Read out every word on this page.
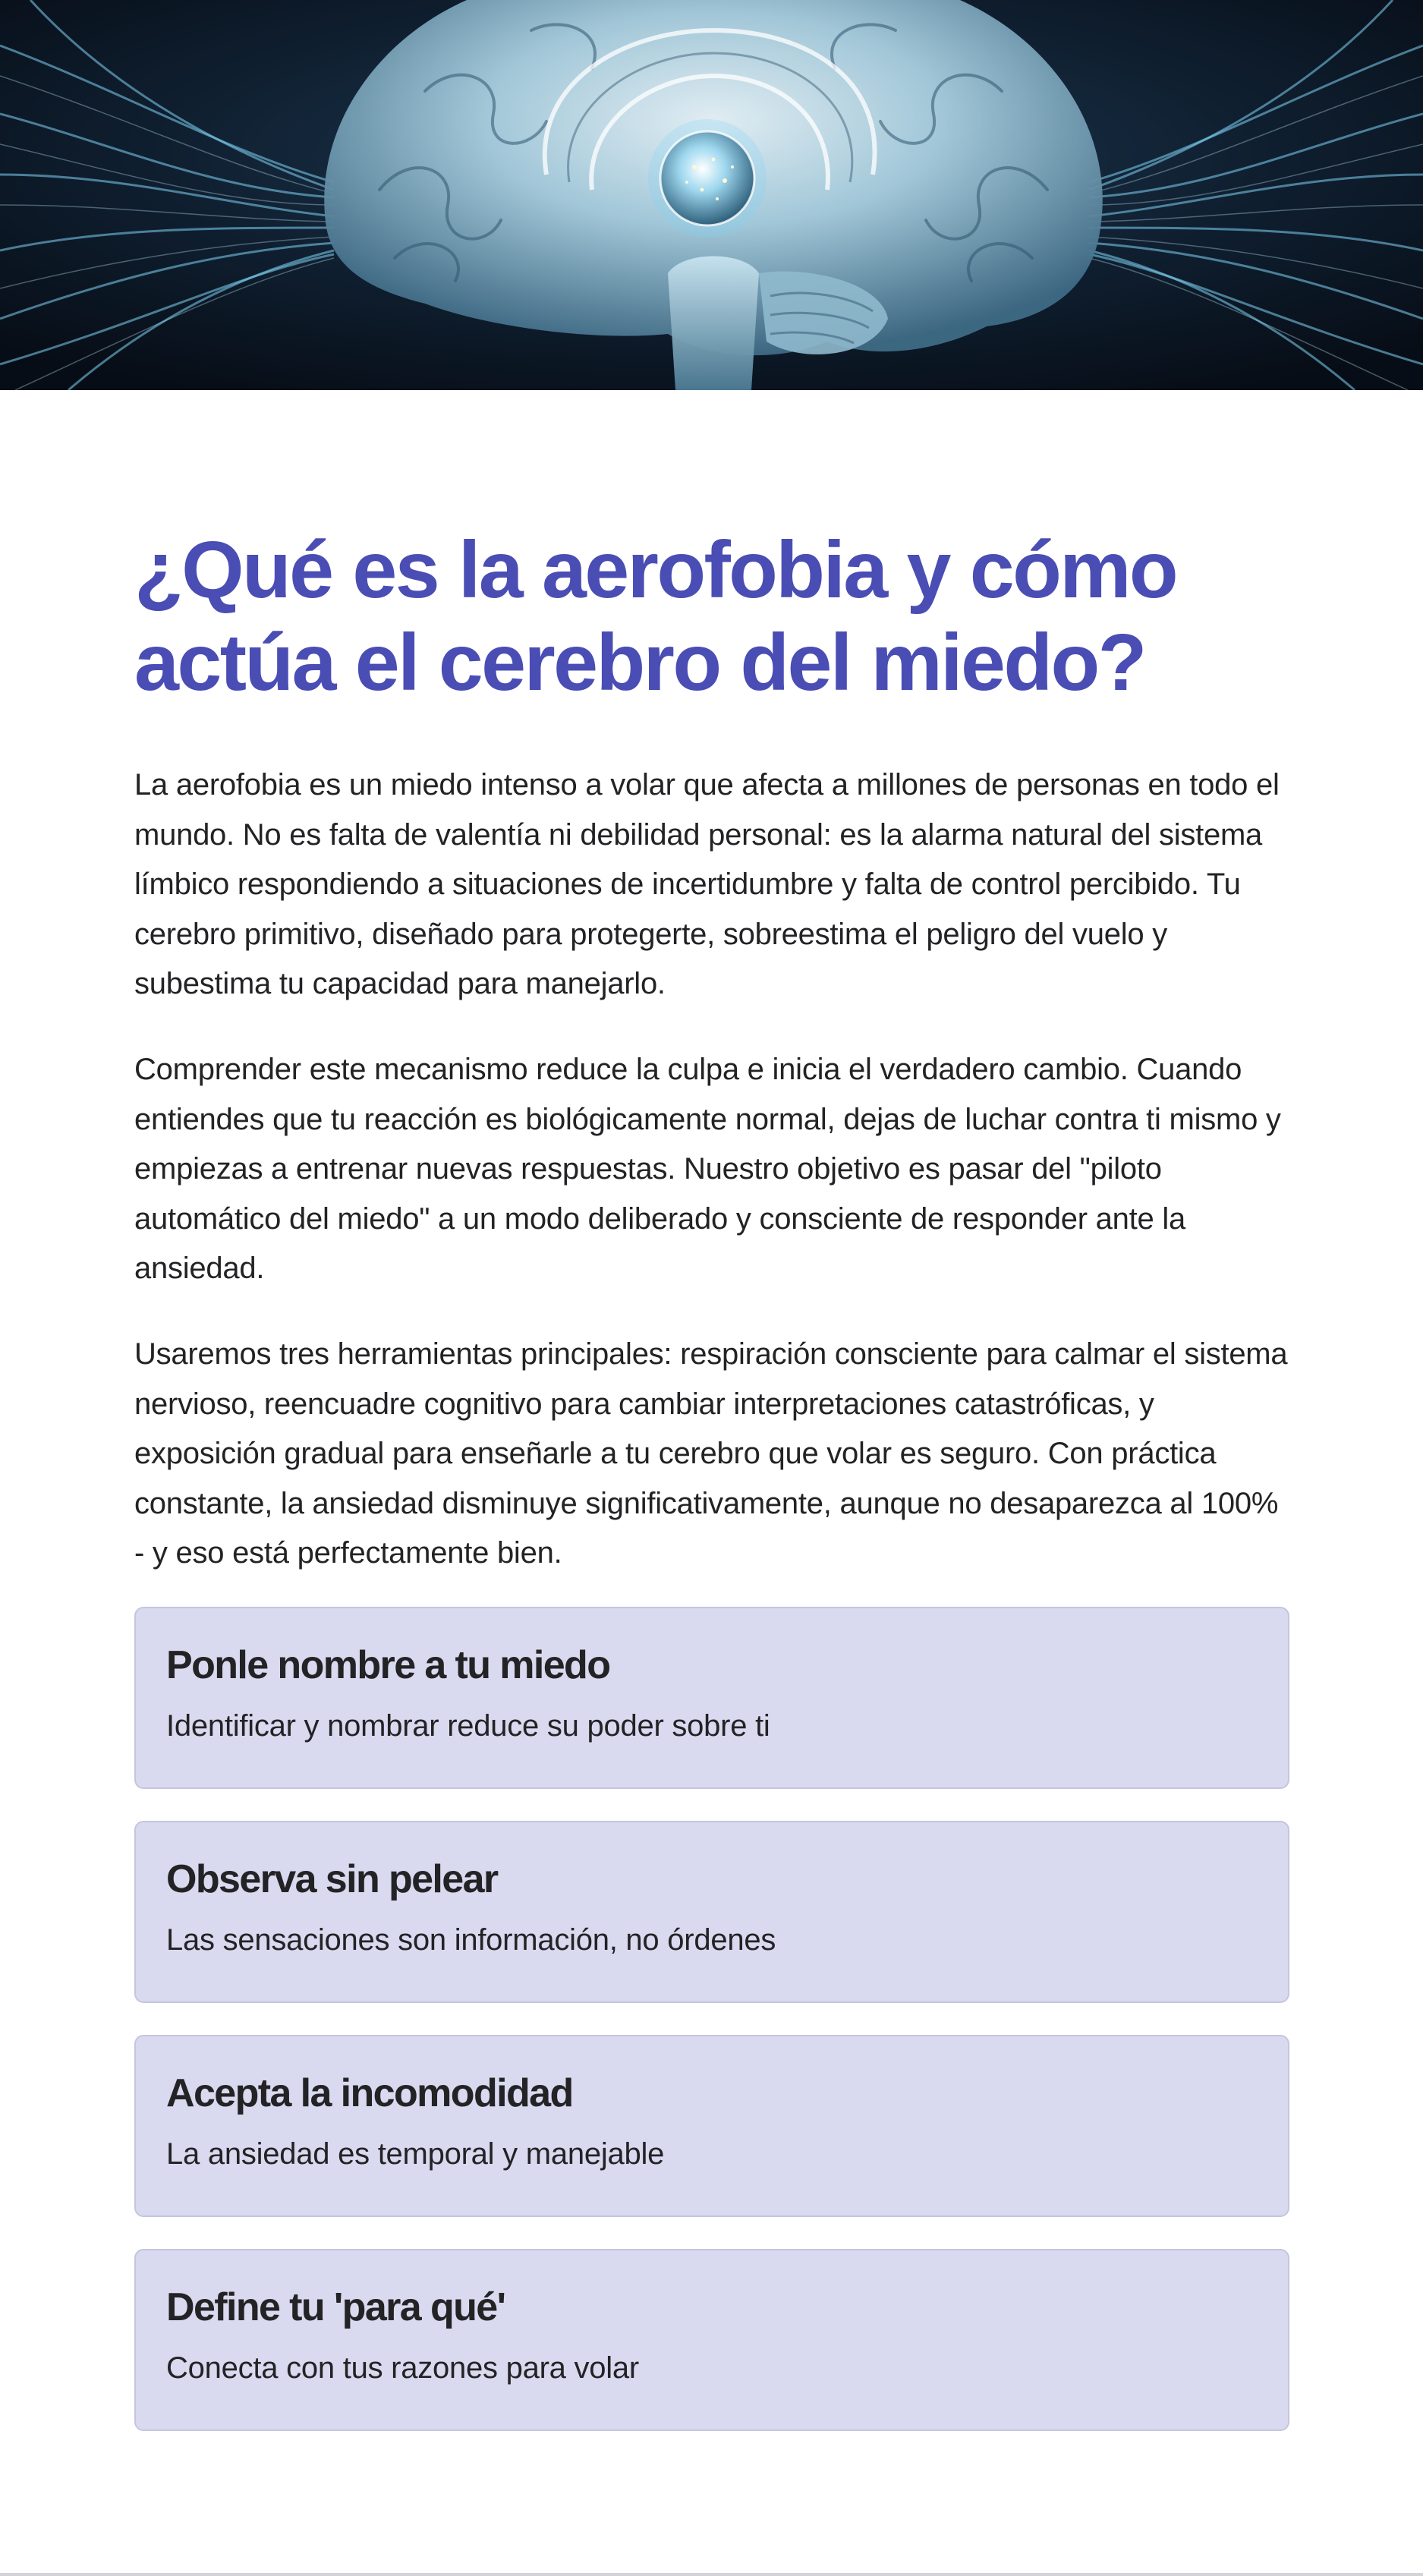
¿Qué es la aerofobia y cómo actúa el cerebro del miedo?

La aerofobia es un miedo intenso a volar que afecta a millones de personas en todo el mundo. No es falta de valentía ni debilidad personal: es la alarma natural del sistema límbico respondiendo a situaciones de incertidumbre y falta de control percibido. Tu cerebro primitivo, diseñado para protegerte, sobreestima el peligro del vuelo y subestima tu capacidad para manejarlo.

Comprender este mecanismo reduce la culpa e inicia el verdadero cambio. Cuando entiendes que tu reacción es biológicamente normal, dejas de luchar contra ti mismo y empiezas a entrenar nuevas respuestas. Nuestro objetivo es pasar del "piloto automático del miedo" a un modo deliberado y consciente de responder ante la ansiedad.

Usaremos tres herramientas principales: respiración consciente para calmar el sistema nervioso, reencuadre cognitivo para cambiar interpretaciones catastróficas, y exposición gradual para enseñarle a tu cerebro que volar es seguro. Con práctica constante, la ansiedad disminuye significativamente, aunque no desaparezca al 100% - y eso está perfectamente bien.

Ponle nombre a tu miedo

Identificar y nombrar reduce su poder sobre ti

Observa sin pelear

Las sensaciones son información, no órdenes

Acepta la incomodidad

La ansiedad es temporal y manejable

Define tu 'para qué'

Conecta con tus razones para volar
